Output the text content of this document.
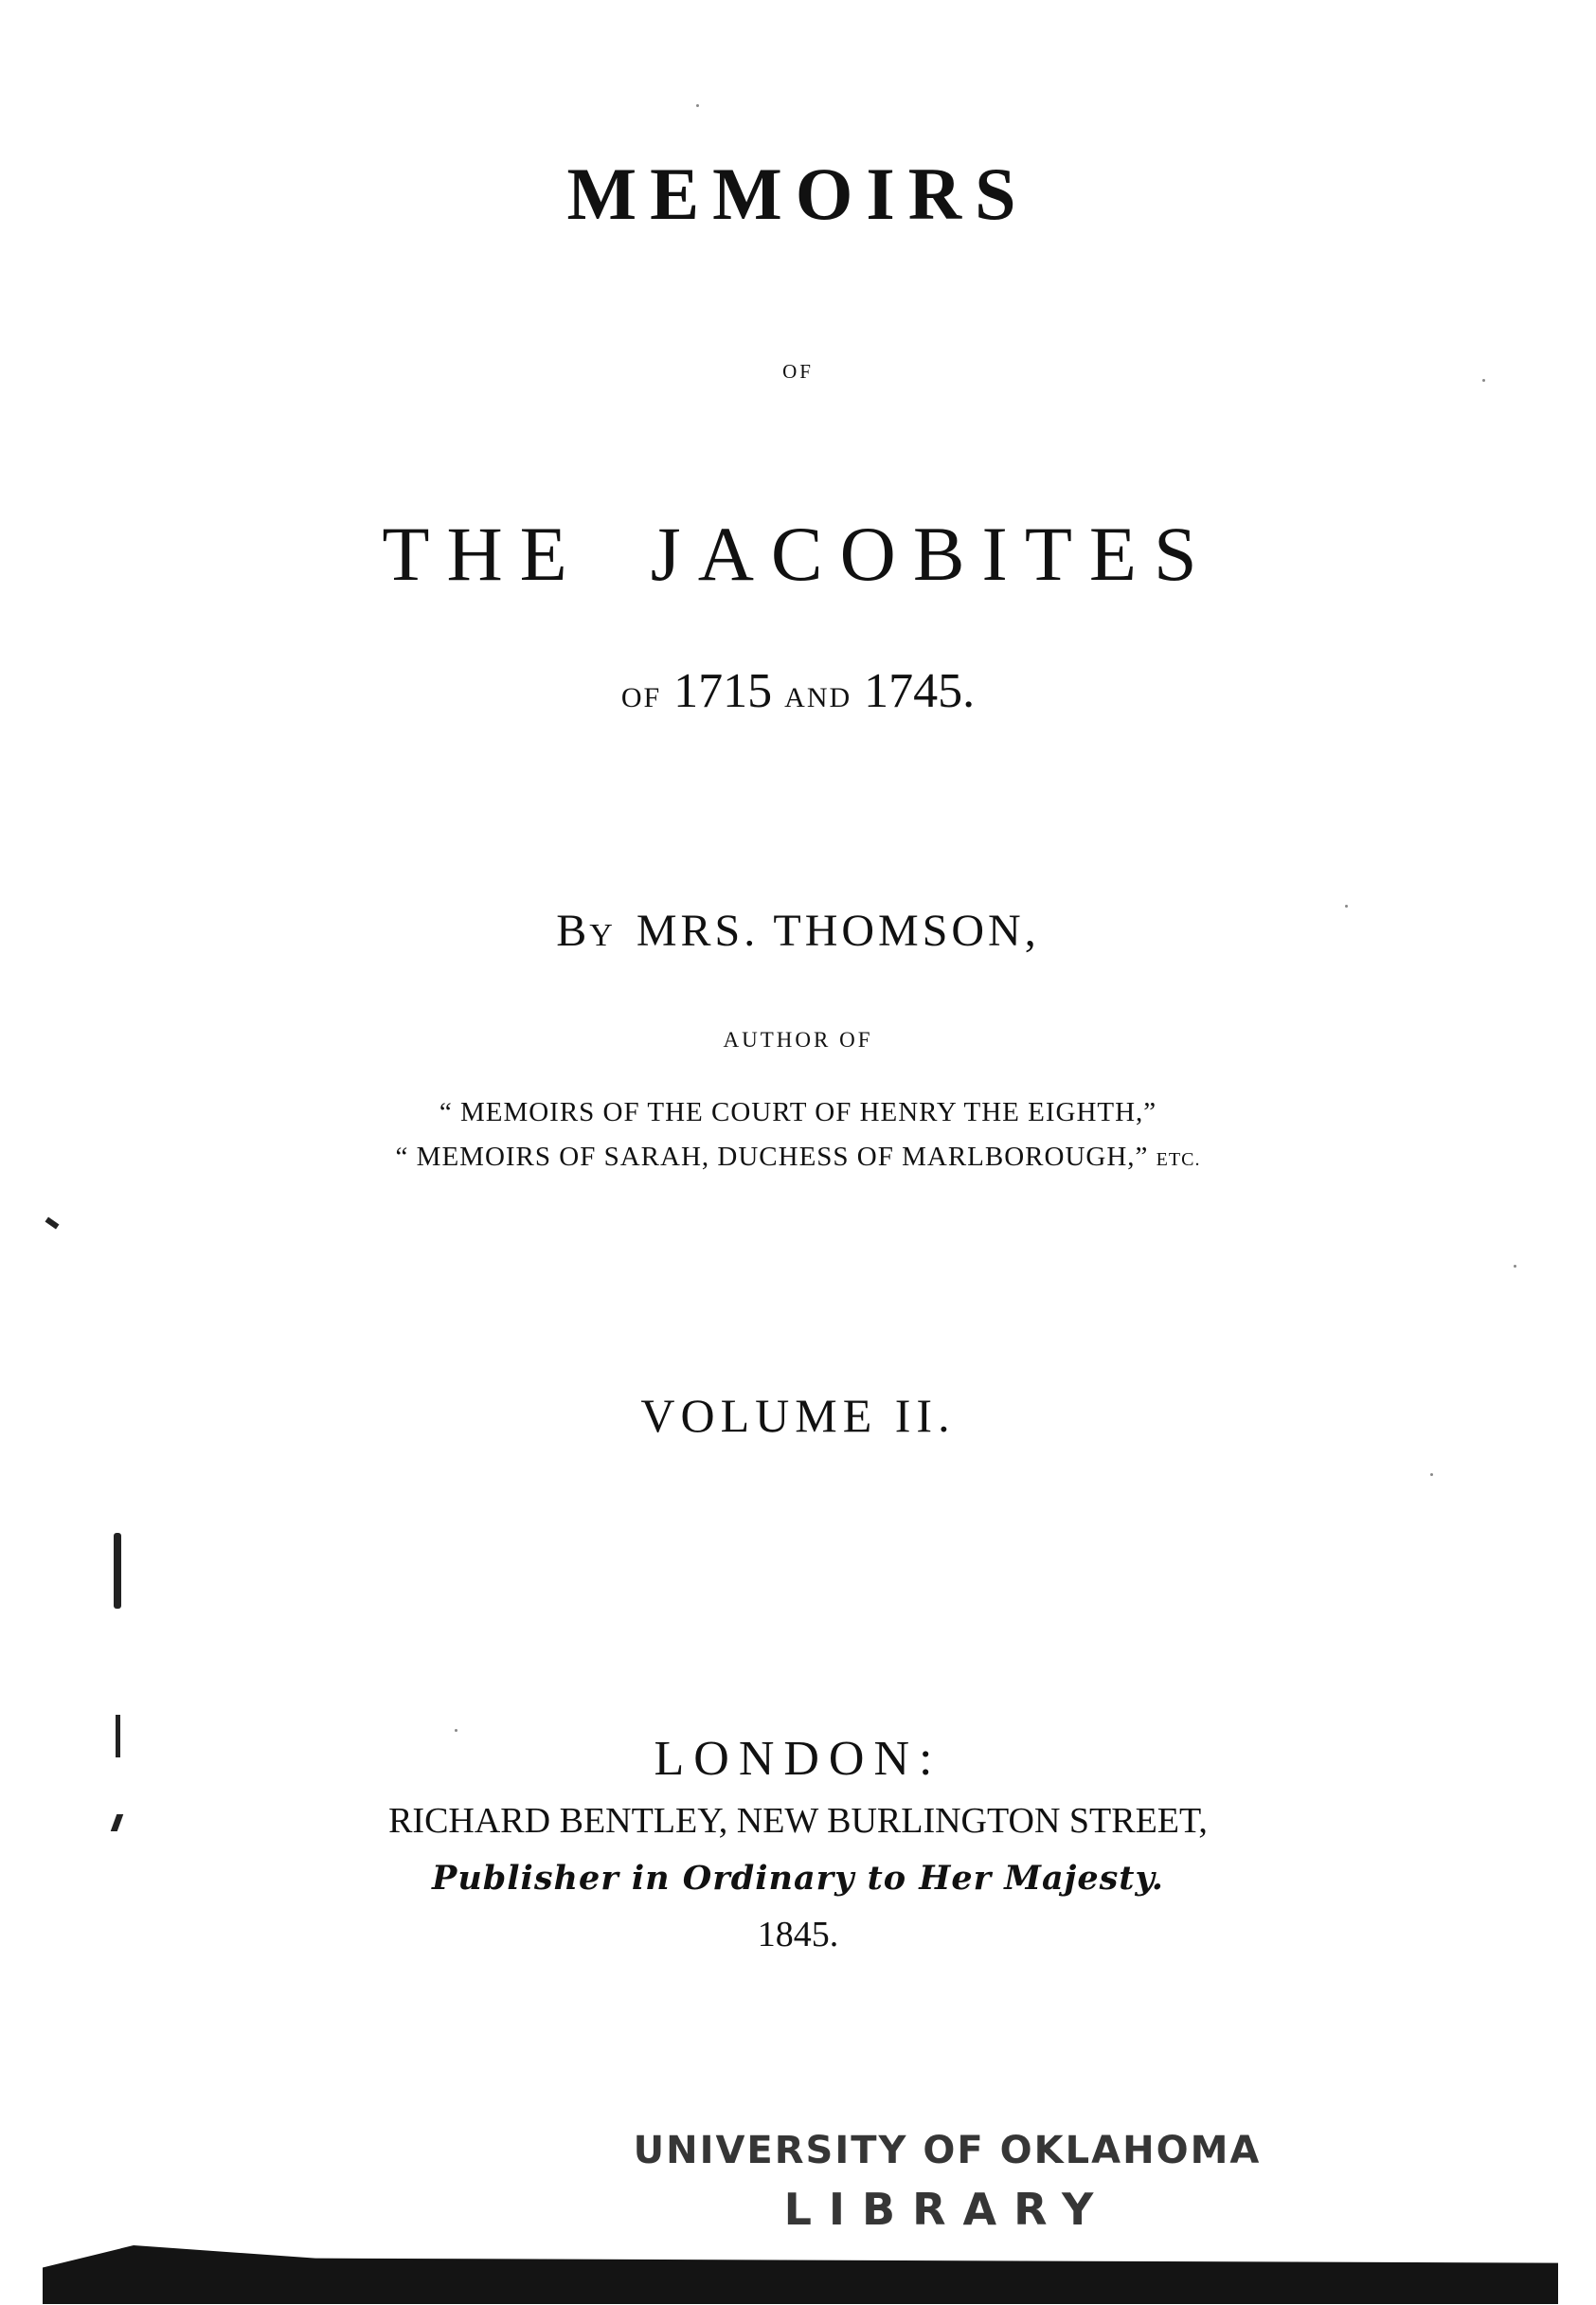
MEMOIRS
OF
THE JACOBITES
OF 1715 AND 1745.
BY MRS. THOMSON,
AUTHOR OF
“ MEMOIRS OF THE COURT OF HENRY THE EIGHTH,”
“ MEMOIRS OF SARAH, DUCHESS OF MARLBOROUGH,” ETC.
VOLUME II.
LONDON:
RICHARD BENTLEY, NEW BURLINGTON STREET,
Publisher in Ordinary to Her Majesty.
1845.
UNIVERSITY OF OKLAHOMA
LIBRARY
